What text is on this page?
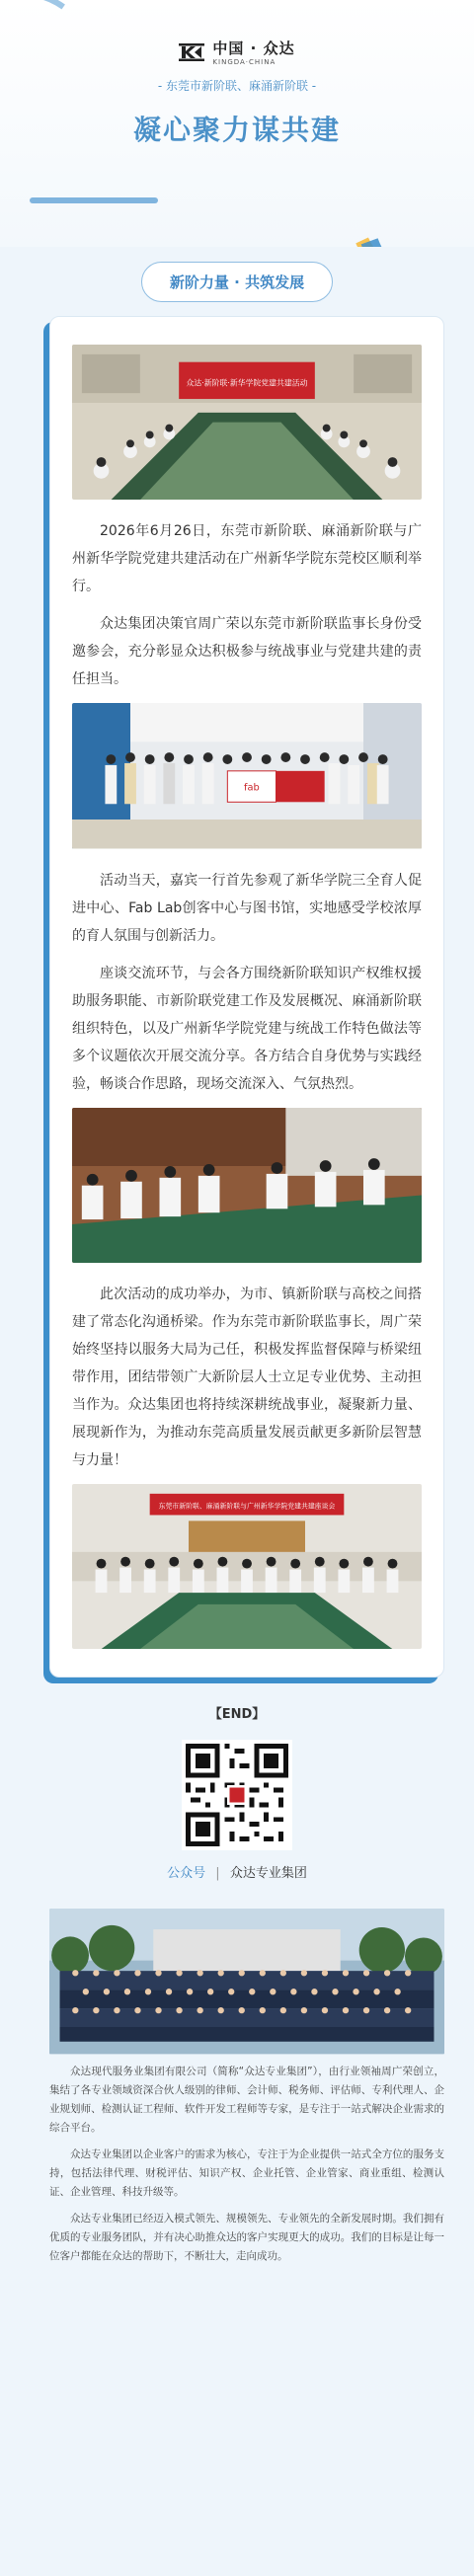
中国 · 众达
KINGDA·CHINA
- 东莞市新阶联、麻涌新阶联 -
凝心聚力谋共建
新阶力量 · 共筑发展
众达·新阶联·新华学院党建共建活动

2026年6月26日，东莞市新阶联、麻涌新阶联与广州新华学院党建共建活动在广州新华学院东莞校区顺利举行。

众达集团决策官周广荣以东莞市新阶联监事长身份受邀参会，充分彰显众达积极参与统战事业与党建共建的责任担当。

fab

活动当天，嘉宾一行首先参观了新华学院三全育人促进中心、Fab Lab创客中心与图书馆，实地感受学校浓厚的育人氛围与创新活力。

座谈交流环节，与会各方围绕新阶联知识产权维权援助服务职能、市新阶联党建工作及发展概况、麻涌新阶联组织特色，以及广州新华学院党建与统战工作特色做法等多个议题依次开展交流分享。各方结合自身优势与实践经验，畅谈合作思路，现场交流深入、气氛热烈。

此次活动的成功举办，为市、镇新阶联与高校之间搭建了常态化沟通桥梁。作为东莞市新阶联监事长，周广荣始终坚持以服务大局为己任，积极发挥监督保障与桥梁纽带作用，团结带领广大新阶层人士立足专业优势、主动担当作为。众达集团也将持续深耕统战事业，凝聚新力量、展现新作为，为推动东莞高质量发展贡献更多新阶层智慧与力量！

东莞市新阶联、麻涌新阶联与广州新华学院党建共建座谈会
【END】
公众号 | 众达专业集团

众达现代服务业集团有限公司（简称“众达专业集团”），由行业领袖周广荣创立，集结了各专业领域资深合伙人级别的律师、会计师、税务师、评估师、专利代理人、企业规划师、检测认证工程师、软件开发工程师等专家，是专注于一站式解决企业需求的综合平台。

众达专业集团以企业客户的需求为核心，专注于为企业提供一站式全方位的服务支持，包括法律代理、财税评估、知识产权、企业托管、企业管家、商业重组、检测认证、企业管理、科技升级等。

众达专业集团已经迈入模式领先、规模领先、专业领先的全新发展时期。我们拥有优质的专业服务团队，并有决心助推众达的客户实现更大的成功。我们的目标是让每一位客户都能在众达的帮助下，不断壮大，走向成功。
